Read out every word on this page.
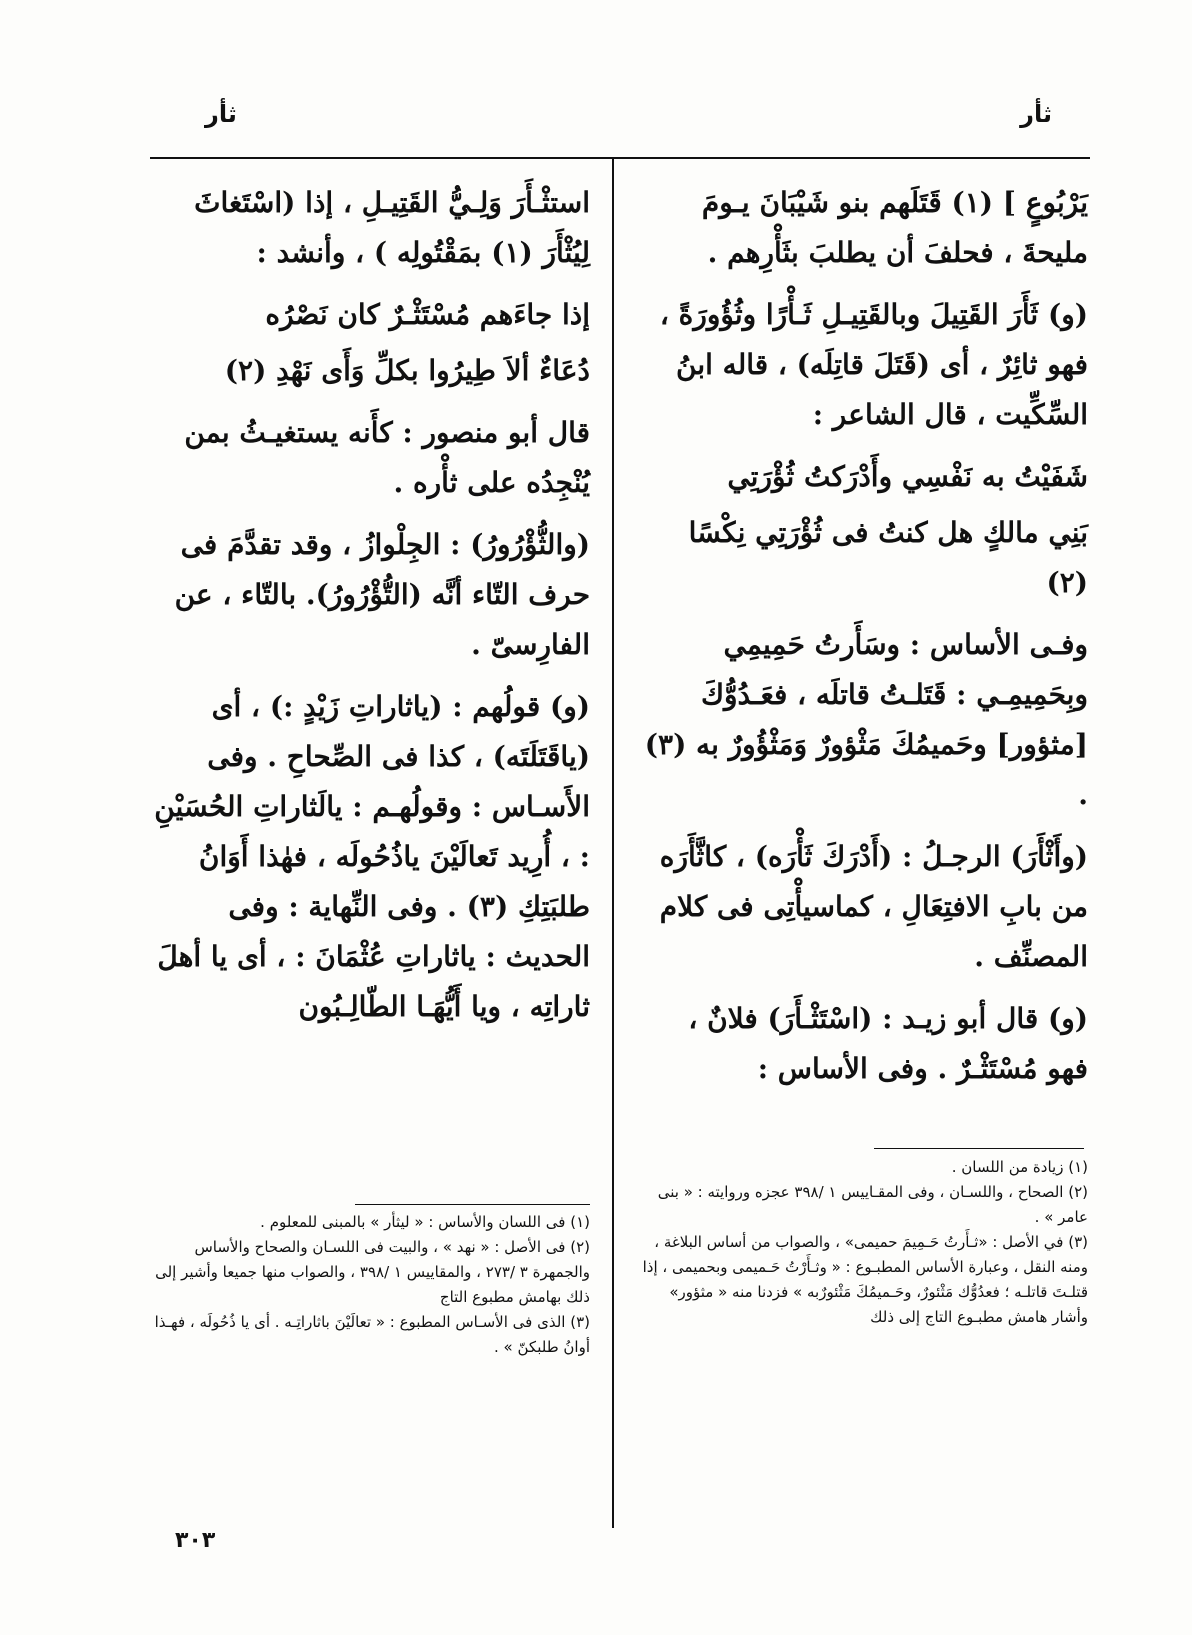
ثأر
ثأر

يَرْبُوعٍ ] (١) قَتَلَهم بنو شَيْبَانَ يـومَ مليحةَ ، فحلفَ أن يطلبَ بثَأْرِهم .

(و) ثَأَرَ القَتِيلَ وبالقَتِيـلِ ثَـأْرًا وثُؤُورَةً ، فهو ثائِرٌ ، أى (قَتَلَ قاتِلَه) ، قاله ابنُ السِّكِّيت ، قال الشاعر :

شَفَيْتُ به نَفْسِي وأَدْرَكتُ ثُؤْرَتِي

بَنِي مالكٍ هل كنتُ فى ثُؤْرَتِي نِكْسًا (٢)

وفـى الأساس : وسَأَرتُ حَمِيمِي وبِحَمِيمِـي : قَتَلـتُ قاتلَه ، فعَـدُوُّكَ [مثؤور] وحَميمُكَ مَثْؤورٌ وَمَثْؤُورٌ به (٣) .

(وأَثْأَرَ) الرجـلُ : (أَدْرَكَ ثَأْرَه) ، كاثَّأَرَه من بابِ الافتِعَالِ ، كماسيأْتِى فى كلام المصنِّف .

(و) قال أبو زيـد : (اسْتَثْـأَرَ) فلانٌ ، فهو مُسْتَثْـرٌ . وفى الأساس :

استثْـأَرَ وَلِـيُّ القَتِيـلِ ، إذا (اسْتَغاثَ لِيُثْأَرَ (١) بمَقْتُولِه ) ، وأنشد :

إذا جاءَهم مُسْتَثْـرٌ كان نَصْرُه

دُعَاءٌ ألاَ طِيرُوا بكلِّ وَأَى نَهْدِ (٢)

قال أبو منصور : كأَنه يستغيـثُ بمن يُنْجِدُه على ثأْره .

(والثُّؤْرُورُ) : الجِلْوازُ ، وقد تقدَّمَ فى حرف التّاء أنَّه (التُّؤْرُورُ). بالتّاء ، عن الفارِسىّ .

(و) قولُهم : (ياثاراتِ زَيْدٍ :) ، أى (ياقَتَلَتَه) ، كذا فى الصِّحاحِ . وفى الأَسـاس : وقولُهـم : يالَثاراتِ الحُسَيْنِ : ، أُرِيد تَعالَيْنَ ياذُحُولَه ، فهٰذا أَوَانُ طلبَتِكِ (٣) . وفى النِّهاية : وفى الحديث : ياثاراتِ عُثْمَانَ : ، أى يا أهلَ ثاراتِه ، ويا أَيُّهَـا الطّالِـبُون

(١) زيادة من اللسان .

(٢) الصحاح ، واللسـان ، وفى المقـاييس ١ /٣٩٨ عجزه وروايته : « بنى عامر » .

(٣) في الأصل : «ثـأَرتُ حَـمِيمَ حميمى» ، والصواب من أساس البلاغة ، ومنه النقل ، وعبارة الأساس المطبـوع : « وثـأَرْتُ حَـميمى وبحميمى ، إذا قتلـتَ قاتلـه ؛ فعدُوُّك مَثْئورٌ، وحَـميمُكَ مَثْئورٌبه » فزدنا منه « مثؤور» وأشار هامش مطبـوع التاج إلى ذلك

(١) فى اللسان والأساس : « ليثأر » بالمبنى للمعلوم .

(٢) فى الأصل : « نهد » ، والبيت فى اللسـان والصحاح والأساس والجمهرة ٣ /٢٧٣ ، والمقاييس ١ /٣٩٨ ، والصواب منها جميعا وأشير إلى ذلك بهامش مطبوع التاج

(٣) الذى فى الأسـاس المطبوع : « تعالَيْنَ باثاراتِـه . أى يا ذُحُولَه ، فهـذا أوانُ طلبكنّ » .

٣٠٣
